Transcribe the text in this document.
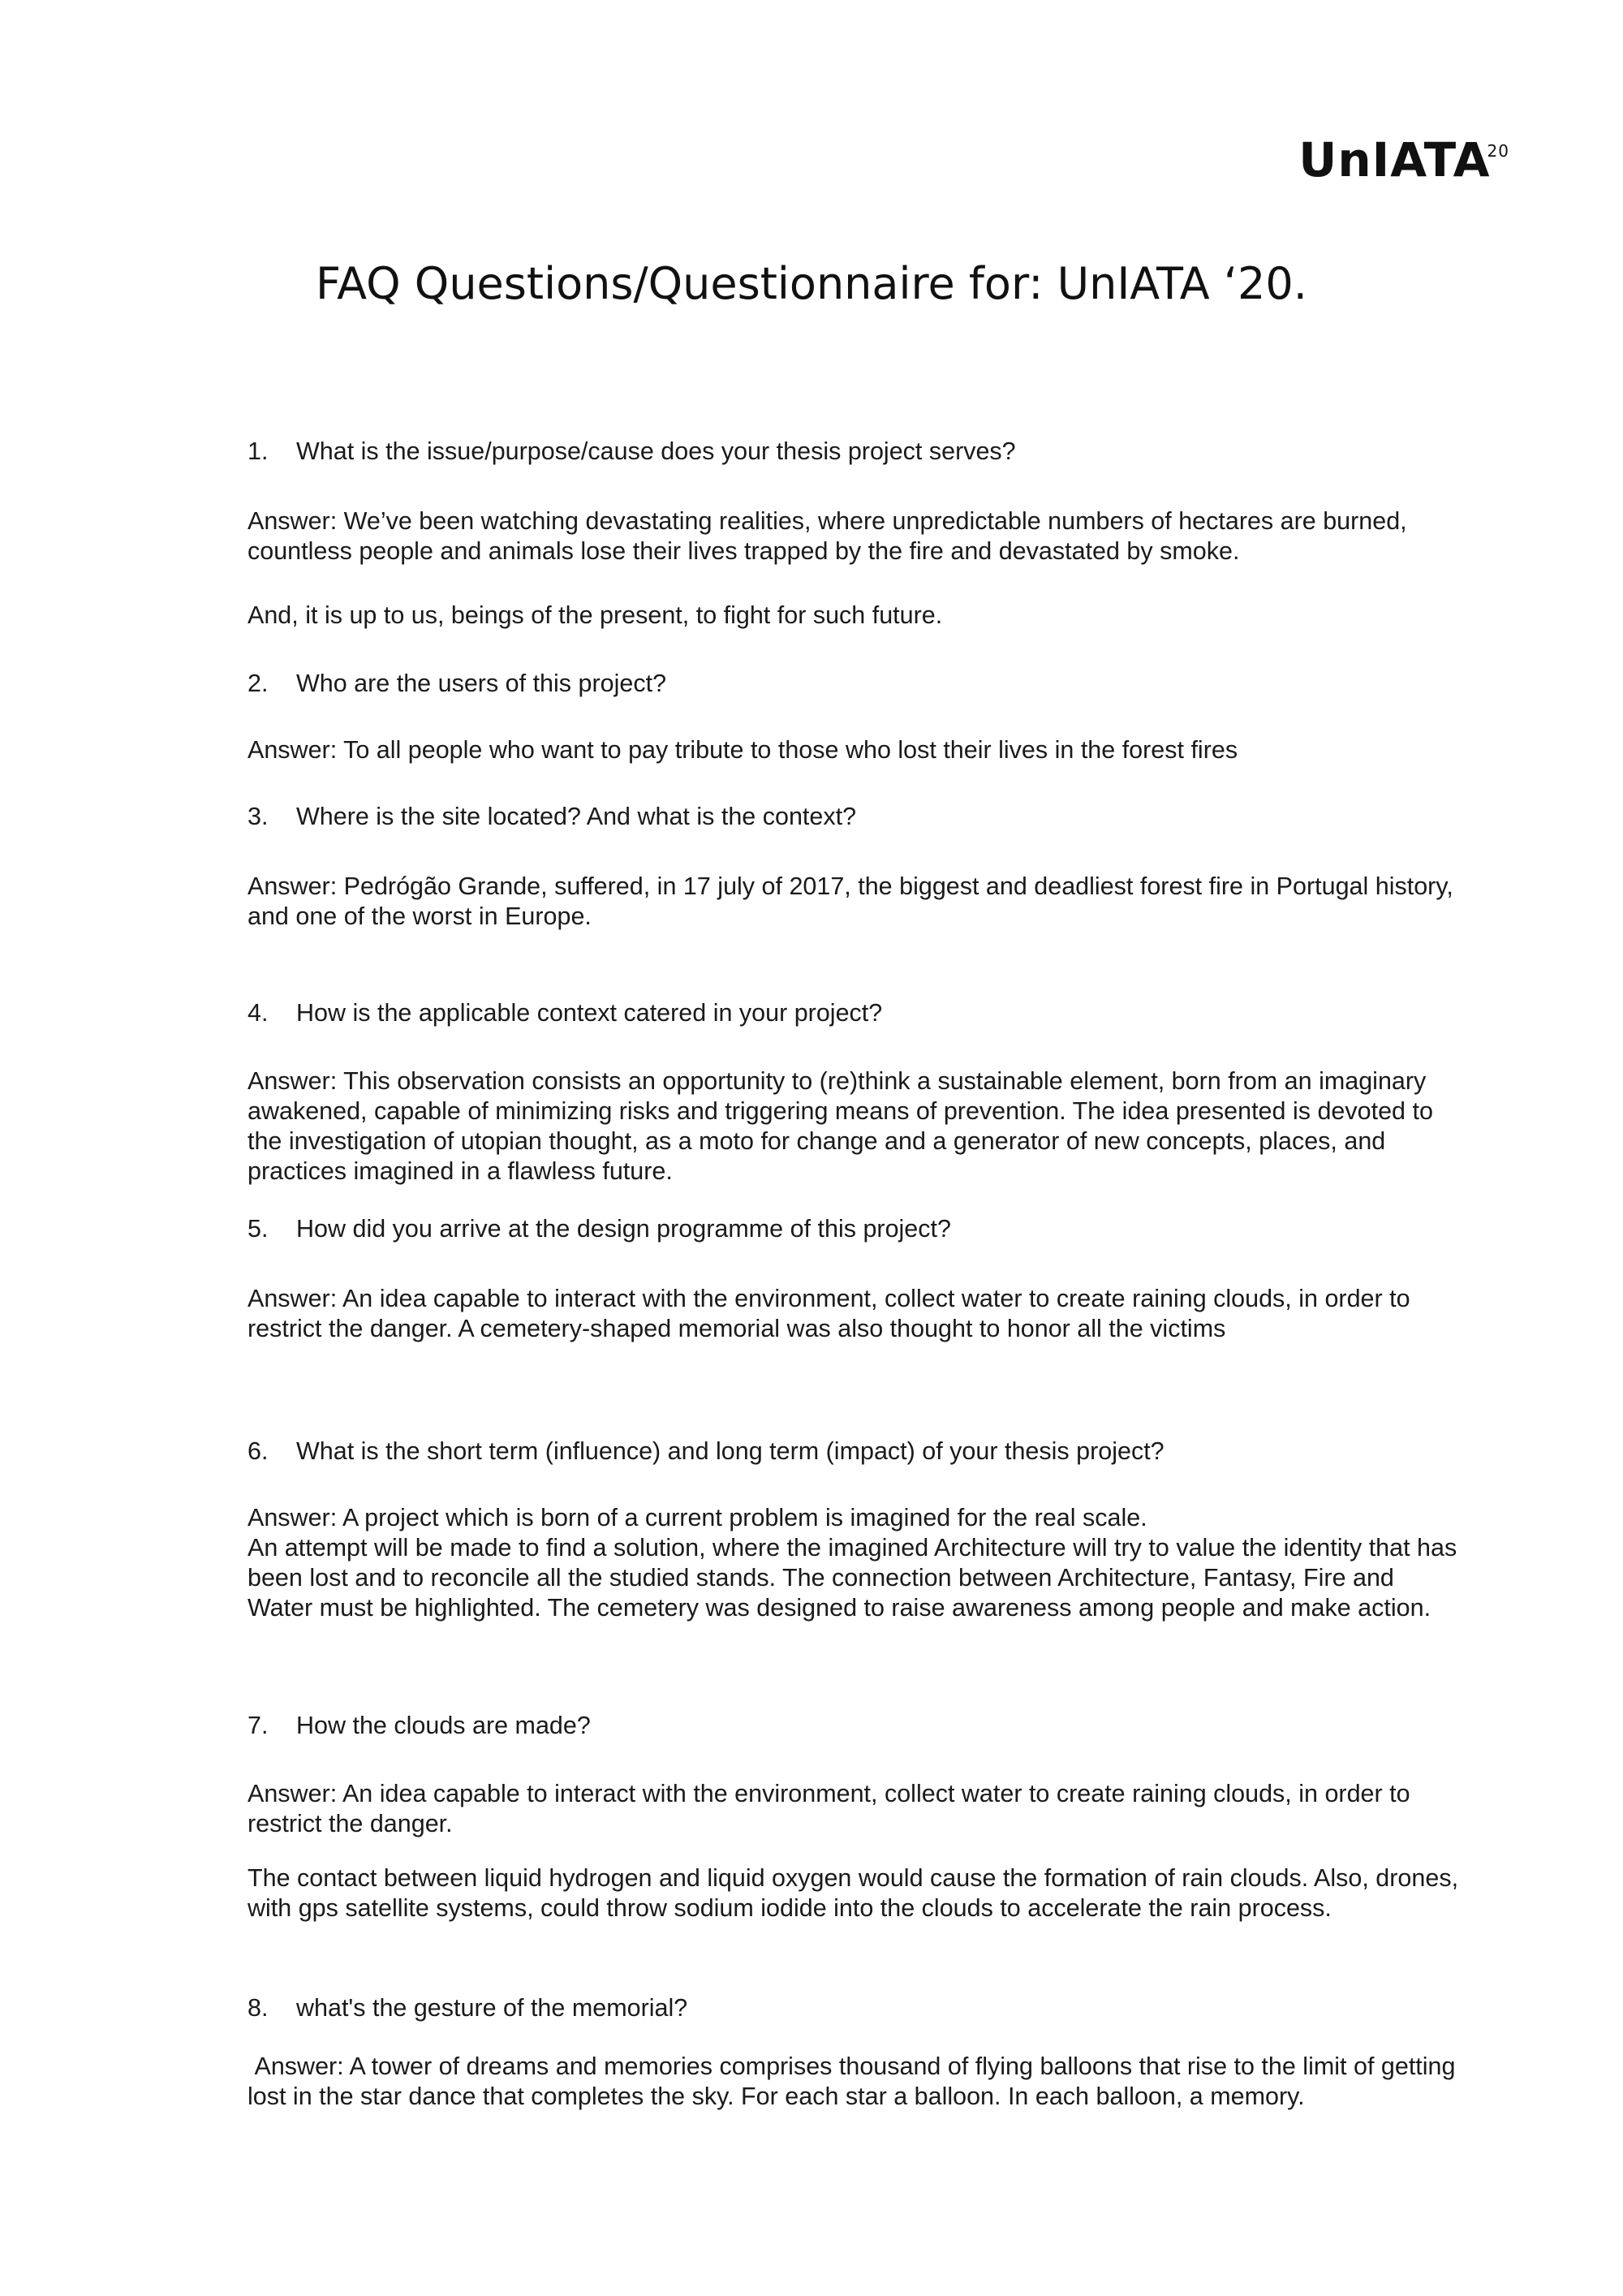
UnIATA$^{20}$
FAQ Questions/Questionnaire for: UnIATA ‘20.
1. What is the issue/purpose/cause does your thesis project serves?

Answer: We’ve been watching devastating realities, where unpredictable numbers of hectares are burned, countless people and animals lose their lives trapped by the fire and devastated by smoke.

And, it is up to us, beings of the present, to fight for such future.

2. Who are the users of this project?

Answer: To all people who want to pay tribute to those who lost their lives in the forest fires

3. Where is the site located? And what is the context?

Answer: Pedrógão Grande, suffered, in 17 july of 2017, the biggest and deadliest forest fire in Portugal history, and one of the worst in Europe.

4. How is the applicable context catered in your project?

Answer: This observation consists an opportunity to (re)think a sustainable element, born from an imaginary awakened, capable of minimizing risks and triggering means of prevention. The idea presented is devoted to the investigation of utopian thought, as a moto for change and a generator of new concepts, places, and practices imagined in a flawless future.

5. How did you arrive at the design programme of this project?

Answer: An idea capable to interact with the environment, collect water to create raining clouds, in order to restrict the danger. A cemetery-shaped memorial was also thought to honor all the victims

6. What is the short term (influence) and long term (impact) of your thesis project?

Answer: A project which is born of a current problem is imagined for the real scale.

An attempt will be made to find a solution, where the imagined Architecture will try to value the identity that has been lost and to reconcile all the studied stands. The connection between Architecture, Fantasy, Fire and Water must be highlighted. The cemetery was designed to raise awareness among people and make action.

7. How the clouds are made?

Answer: An idea capable to interact with the environment, collect water to create raining clouds, in order to restrict the danger.

The contact between liquid hydrogen and liquid oxygen would cause the formation of rain clouds. Also, drones, with gps satellite systems, could throw sodium iodide into the clouds to accelerate the rain process.

8. what's the gesture of the memorial?

Answer: A tower of dreams and memories comprises thousand of flying balloons that rise to the limit of getting lost in the star dance that completes the sky. For each star a balloon. In each balloon, a memory.
